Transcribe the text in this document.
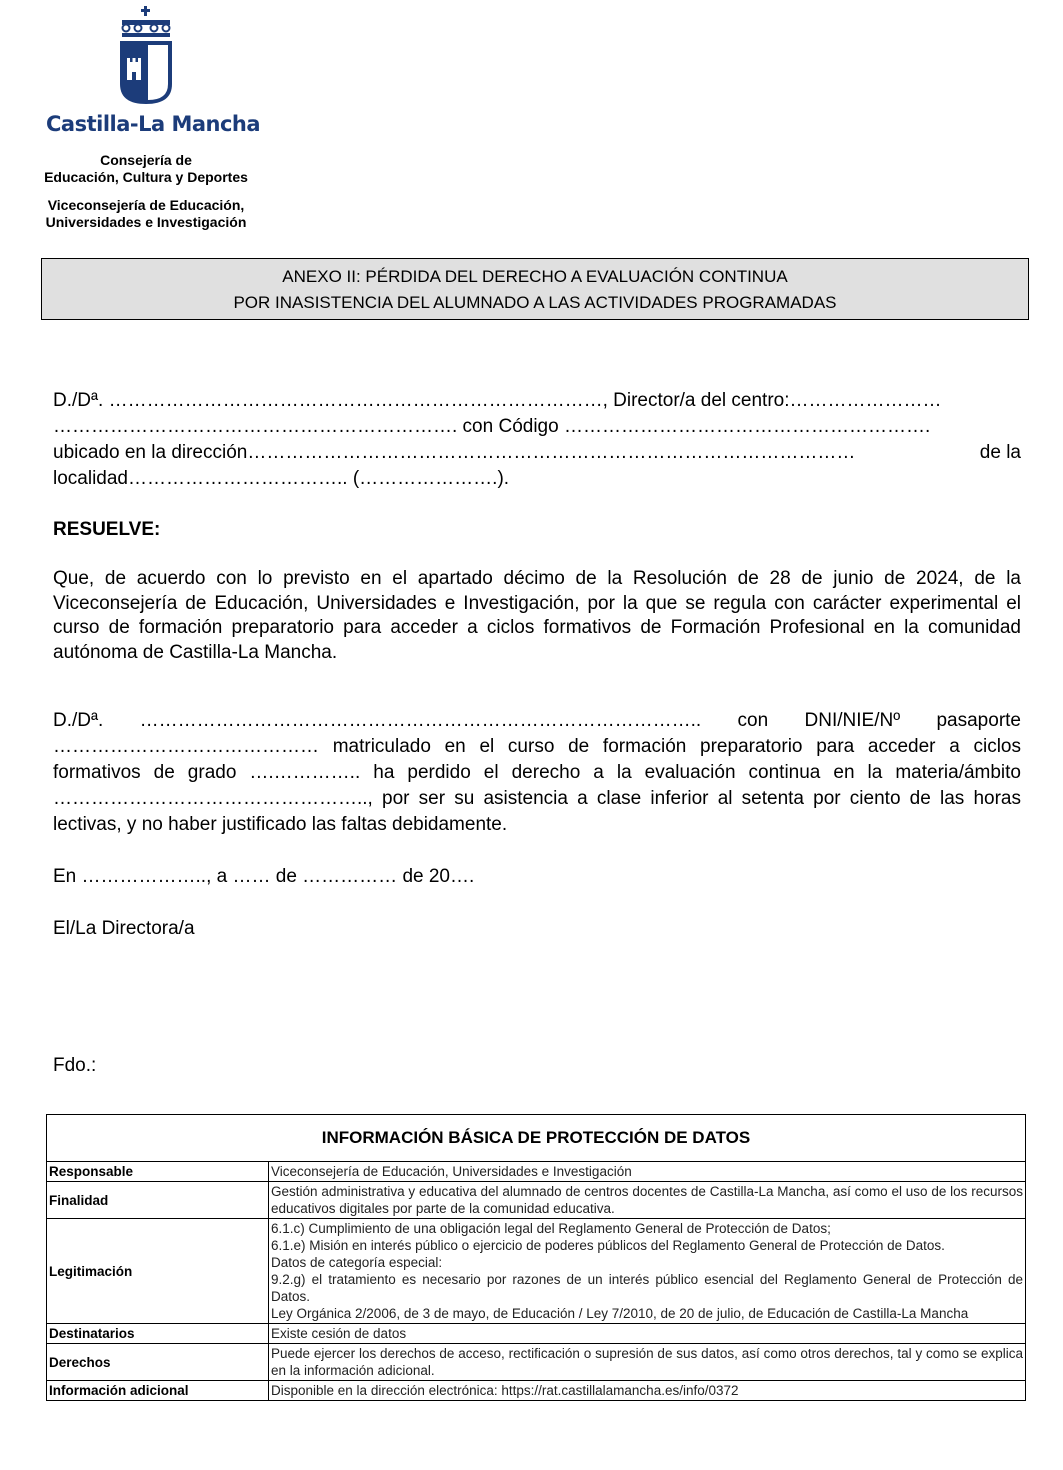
Castilla-La Mancha
Consejería de
Educación, Cultura y Deportes
Viceconsejería de Educación,
Universidades e Investigación
ANEXO II: PÉRDIDA DEL DERECHO A EVALUACIÓN CONTINUA
POR INASISTENCIA DEL ALUMNADO A LAS ACTIVIDADES PROGRAMADAS
D./Dª. ……………………………………………………………………, Director/a del centro:……………………
………………………………………………………. con Código ………………………………………………….
ubicado en la dirección……………………………………………………………………………………	de la
localidad…………………………….. (………………….).
RESUELVE:
Que, de acuerdo con lo previsto en el apartado décimo de la Resolución de 28 de junio de 2024, de la Viceconsejería de Educación, Universidades e Investigación, por la que se regula con carácter experimental el curso de formación preparatorio para acceder a ciclos formativos de Formación Profesional en la comunidad autónoma de Castilla-La Mancha.
D./Dª. …………………………………………………………………………….. con DNI/NIE/Nº pasaporte …………………………………… matriculado en el curso de formación preparatorio para acceder a ciclos formativos de grado ….………….. ha perdido el derecho a la evaluación continua en la materia/ámbito ………………………………………….., por ser su asistencia a clase inferior al setenta por ciento de las horas lectivas, y no haber justificado las faltas debidamente.
En ……………….., a …… de …………… de 20….
El/La Directora/a
Fdo.:
INFORMACIÓN BÁSICA DE PROTECCIÓN DE DATOS	
Responsable	Viceconsejería de Educación, Universidades e Investigación
Finalidad	Gestión administrativa y educativa del alumnado de centros docentes de Castilla-La Mancha, así como el uso de los recursos educativos digitales por parte de la comunidad educativa.
Legitimación	6.1.c) Cumplimiento de una obligación legal del Reglamento General de Protección de Datos;
6.1.e) Misión en interés público o ejercicio de poderes públicos del Reglamento General de Protección de Datos.
Datos de categoría especial:
9.2.g) el tratamiento es necesario por razones de un interés público esencial del Reglamento General de Protección de Datos.
Ley Orgánica 2/2006, de 3 de mayo, de Educación / Ley 7/2010, de 20 de julio, de Educación de Castilla-La Mancha

Destinatarios	Existe cesión de datos
Derechos	Puede ejercer los derechos de acceso, rectificación o supresión de sus datos, así como otros derechos, tal y como se explica en la información adicional.
Información adicional	Disponible en la dirección electrónica: https://rat.castillalamancha.es/info/0372
